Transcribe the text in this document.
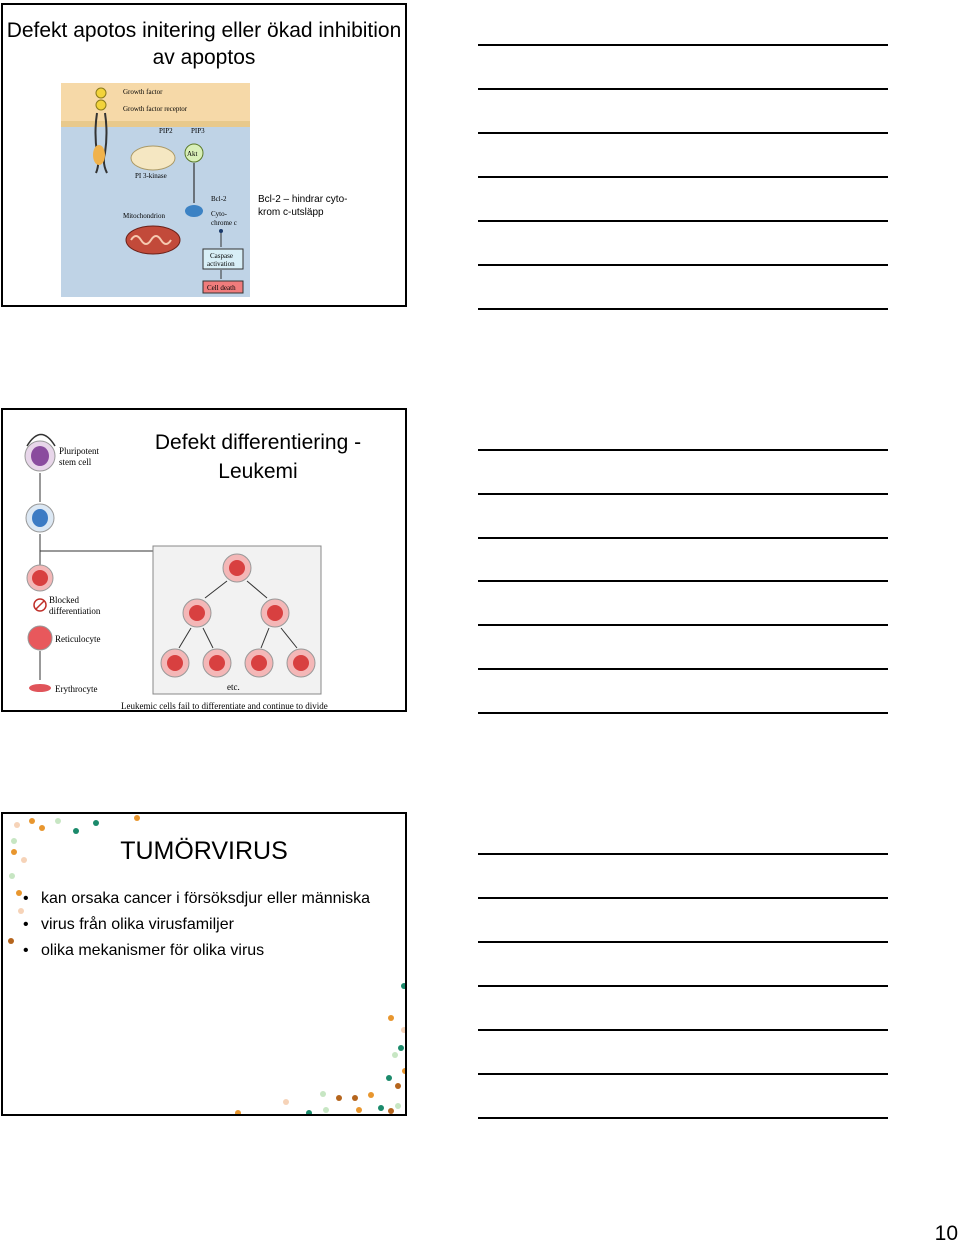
Defekt apotos initering eller ökad inhibition av apoptos
Growth factor
Growth factor receptor
PIP2	PIP3
PI 3-kinase
Akt
Bcl-2
Cyto-
chrome c
Mitochondrion
Caspase
activation
Cell death
Bcl-2 – hindrar cyto-
krom c-utsläpp
Pluripotent
stem cell
Blocked
differentiation
Reticulocyte
Erythrocyte	etc.
Leukemic cells fail to differentiate and continue to divide
Defekt differentiering -
Leukemi
TUMÖRVIRUS
• kan orsaka cancer i försöksdjur eller människa
• virus från olika virusfamiljer
• olika mekanismer för olika virus
10
